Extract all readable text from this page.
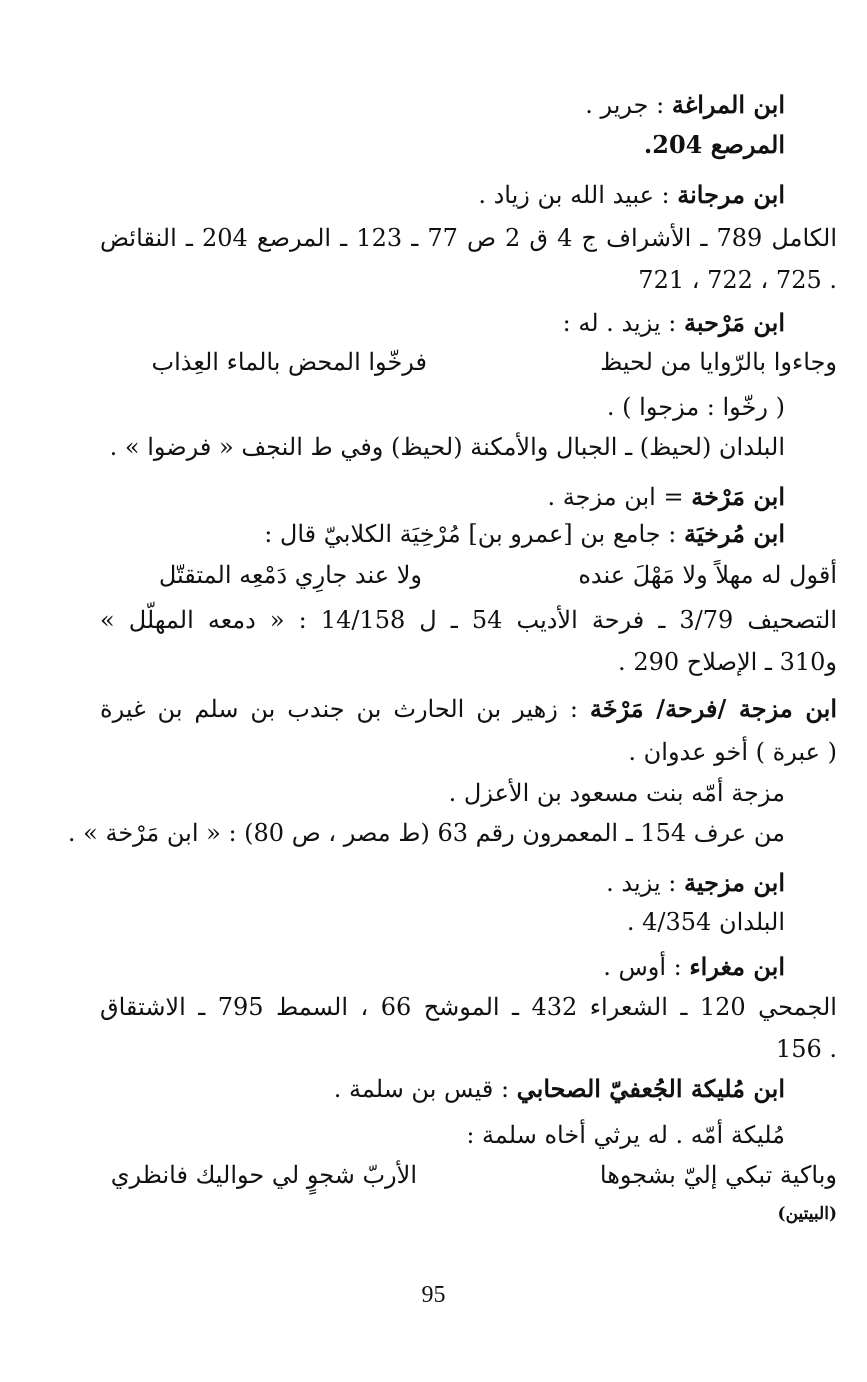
ابن المراغة : جرير .
المرصع 204.
ابن مرجانة : عبيد الله بن زياد .
الكامل 789 ـ الأشراف ج 4 ق 2 ص 77 ـ 123 ـ المرصع 204 ـ النقائض
721 ، 722 ، 725 .
ابن مَرْحبة : يزيد . له :
وجاءوا بالرّوايا من لحيظ
فرخّوا المحض بالماء العِذاب
( رخّوا : مزجوا ) .
البلدان (لحيظ) ـ الجبال والأمكنة (لحيظ) وفي ط النجف « فرضوا » .
ابن مَرْخة = ابن مزجة .
ابن مُرخيَة : جامع بن [عمرو بن] مُرْخِيَة الكلابيّ قال :
أقول له مهلاً ولا مَهْلَ عنده
ولا عند جارِي دَمْعِه المتقتّل
التصحيف 3/79 ـ فرحة الأديب 54 ـ ل 14/158 : « دمعه المهلّل »
و310 ـ الإصلاح 290 .
ابن مزجة /فرحة/ مَرْخَة : زهير بن الحارث بن جندب بن سلم بن غيرة
( عبرة ) أخو عدوان .
مزجة أمّه بنت مسعود بن الأعزل .
من عرف 154 ـ المعمرون رقم 63 (ط مصر ، ص 80) : « ابن مَرْخة » .
ابن مزجية : يزيد .
البلدان 4/354 .
ابن مغراء : أوس .
الجمحي 120 ـ الشعراء 432 ـ الموشح 66 ، السمط 795 ـ الاشتقاق
156 .
ابن مُليكة الجُعفيّ الصحابي : قيس بن سلمة .
مُليكة أمّه . له يرثي أخاه سلمة :
وباكية تبكي إليّ بشجوها
الأربّ شجوٍ لي حواليك فانظري
(البيتين)
95
